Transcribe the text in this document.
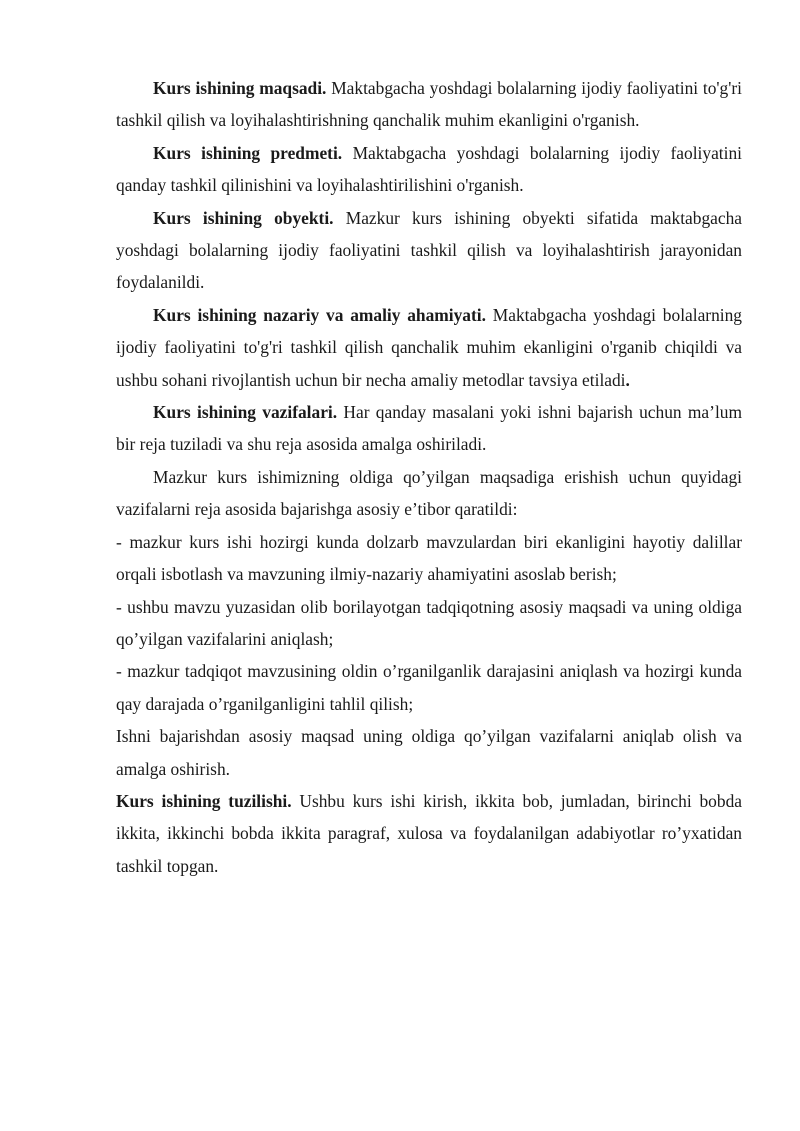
Kurs ishining maqsadi. Maktabgacha yoshdagi bolalarning ijodiy faoliyatini to'g'ri tashkil qilish va loyihalashtirishning qanchalik muhim ekanligini o'rganish.

Kurs ishining predmeti. Maktabgacha yoshdagi bolalarning ijodiy faoliyatini qanday tashkil qilinishini va loyihalashtirilishini o'rganish.

Kurs ishining obyekti. Mazkur kurs ishining obyekti sifatida maktabgacha yoshdagi bolalarning ijodiy faoliyatini tashkil qilish va loyihalashtirish jarayonidan foydalanildi.

Kurs ishining nazariy va amaliy ahamiyati. Maktabgacha yoshdagi bolalarning ijodiy faoliyatini to'g'ri tashkil qilish qanchalik muhim ekanligini o'rganib chiqildi va ushbu sohani rivojlantish uchun bir necha amaliy metodlar tavsiya etiladi.

Kurs ishining vazifalari. Har qanday masalani yoki ishni bajarish uchun ma’lum bir reja tuziladi va shu reja asosida amalga oshiriladi.

Mazkur kurs ishimizning oldiga qo’yilgan maqsadiga erishish uchun quyidagi vazifalarni reja asosida bajarishga asosiy e’tibor qaratildi:

- mazkur kurs ishi hozirgi kunda dolzarb mavzulardan biri ekanligini hayotiy dalillar orqali isbotlash va mavzuning ilmiy-nazariy ahamiyatini asoslab berish;

- ushbu mavzu yuzasidan olib borilayotgan tadqiqotning asosiy maqsadi va uning oldiga qo’yilgan vazifalarini aniqlash;

- mazkur tadqiqot mavzusining oldin o’rganilganlik darajasini aniqlash va hozirgi kunda qay darajada o’rganilganligini tahlil qilish;

Ishni bajarishdan asosiy maqsad uning oldiga qo’yilgan vazifalarni aniqlab olish va amalga oshirish.

Kurs ishining tuzilishi. Ushbu kurs ishi kirish, ikkita bob, jumladan, birinchi bobda ikkita, ikkinchi bobda ikkita paragraf, xulosa va foydalanilgan adabiyotlar ro’yxatidan tashkil topgan.
